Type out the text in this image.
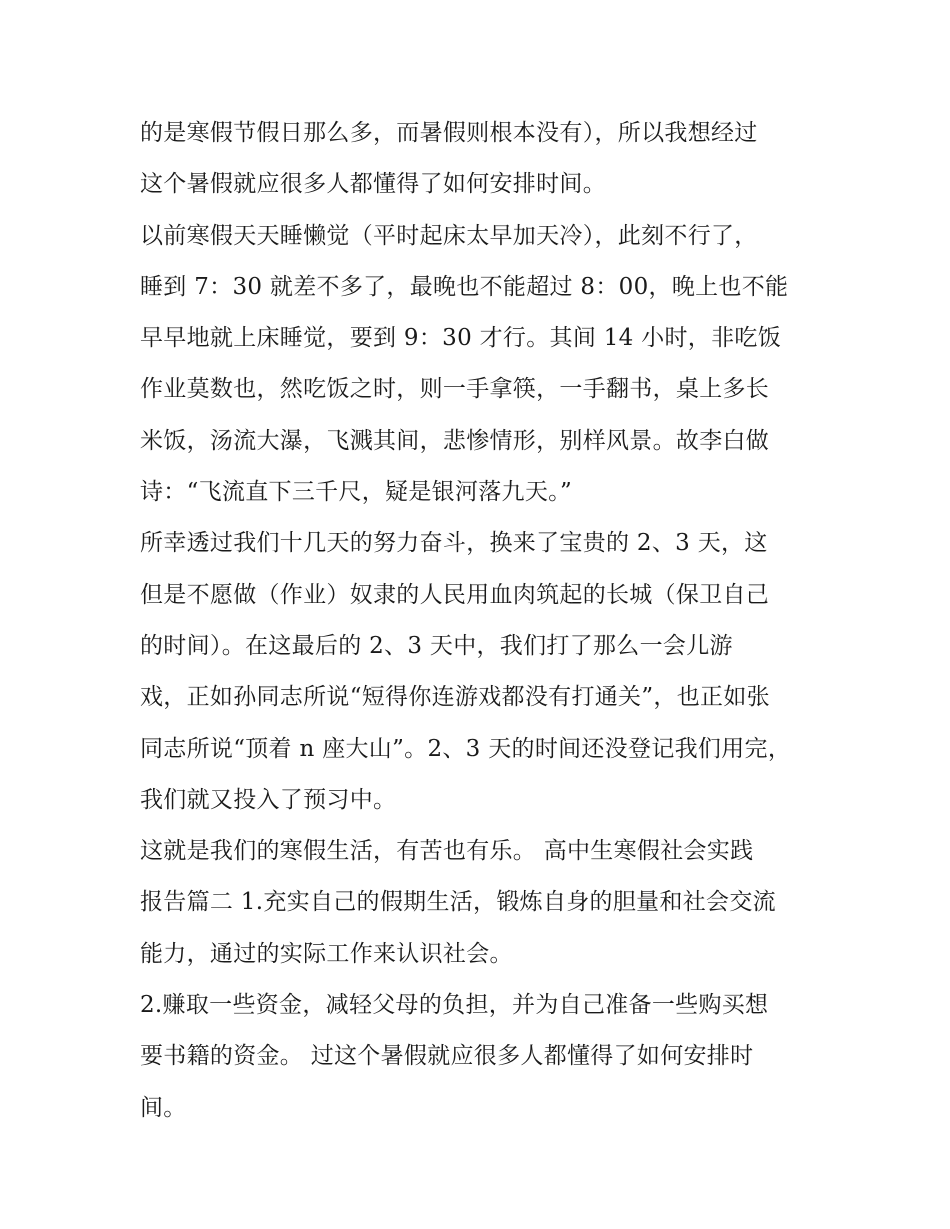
的是寒假节假日那么多，而暑假则根本没有），所以我想经过
这个暑假就应很多人都懂得了如何安排时间。
以前寒假天天睡懒觉（平时起床太早加天冷），此刻不行了，
睡到 7：30 就差不多了，最晚也不能超过 8：00，晚上也不能
早早地就上床睡觉，要到 9：30 才行。其间 14 小时，非吃饭
作业莫数也，然吃饭之时，则一手拿筷，一手翻书，桌上多长
米饭，汤流大瀑，飞溅其间，悲惨情形，别样风景。故李白做
诗：“飞流直下三千尺，疑是银河落九天。”
所幸透过我们十几天的努力奋斗，换来了宝贵的 2、3 天，这
但是不愿做（作业）奴隶的人民用血肉筑起的长城（保卫自己
的时间）。在这最后的 2、3 天中，我们打了那么一会儿游
戏，正如孙同志所说“短得你连游戏都没有打通关”，也正如张
同志所说“顶着 n 座大山”。2、3 天的时间还没登记我们用完，
我们就又投入了预习中。
这就是我们的寒假生活，有苦也有乐。 高中生寒假社会实践
报告篇二 1.充实自己的假期生活，锻炼自身的胆量和社会交流
能力，通过的实际工作来认识社会。
2.赚取一些资金，减轻父母的负担，并为自己准备一些购买想
要书籍的资金。 过这个暑假就应很多人都懂得了如何安排时
间。
